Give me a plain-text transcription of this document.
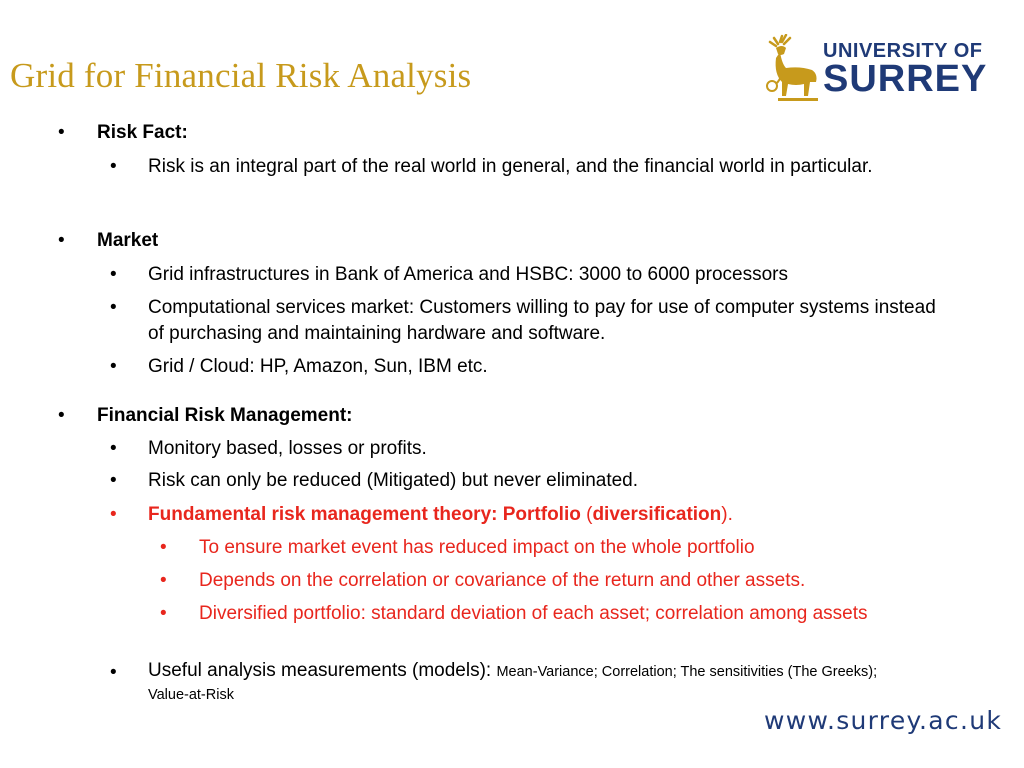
Grid for Financial Risk Analysis
UNIVERSITY OF
SURREY
• Risk Fact:
• Risk is an integral part of the real world in general, and the financial world in particular.
• Market
• Grid infrastructures in Bank of America and HSBC: 3000 to 6000 processors
• Computational services market: Customers willing to pay for use of computer systems instead of purchasing and maintaining hardware and software.
• Grid / Cloud: HP, Amazon, Sun, IBM etc.
• Financial Risk Management:
• Monitory based, losses or profits.
• Risk can only be reduced (Mitigated) but never eliminated.
• Fundamental risk management theory: Portfolio (diversification).
• To ensure market event has reduced impact on the whole portfolio
• Depends on the correlation or covariance of the return and other assets.
• Diversified portfolio: standard deviation of each asset; correlation among assets
• Useful analysis measurements (models): Mean-Variance; Correlation; The sensitivities (The Greeks); Value-at-Risk
www.surrey.ac.uk
